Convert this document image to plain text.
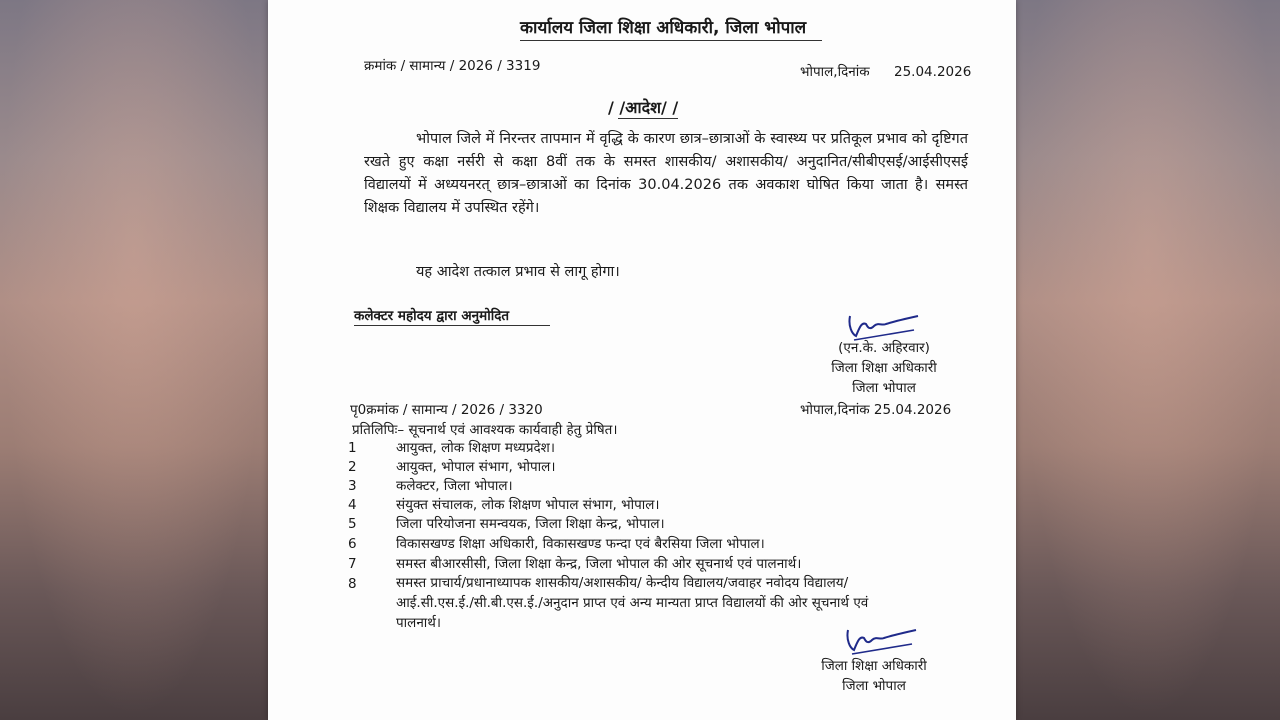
कार्यालय जिला शिक्षा अधिकारी, जिला भोपाल
क्रमांक / सामान्य / 2026 / 3319	भोपाल,दिनांक 25.04.2026
/ /आदेश/ /
भोपाल जिले में निरन्तर तापमान में वृद्धि के कारण छात्र–छात्राओं के स्वास्थ्य पर प्रतिकूल प्रभाव को दृष्टिगत रखते हुए कक्षा नर्सरी से कक्षा 8वीं तक के समस्त शासकीय/ अशासकीय/ अनुदानित/सीबीएसई/आईसीएसई विद्यालयों में अध्ययनरत् छात्र–छात्राओं का दिनांक 30.04.2026 तक अवकाश घोषित किया जाता है। समस्त शिक्षक विद्यालय में उपस्थित रहेंगे।
यह आदेश तत्काल प्रभाव से लागू होगा।
कलेक्टर महोदय द्वारा अनुमोदित
(एन.के. अहिरवार)
जिला शिक्षा अधिकारी
जिला भोपाल
पृ0क्रमांक / सामान्य / 2026 / 3320	भोपाल,दिनांक 25.04.2026
प्रतिलिपिः– सूचनार्थ एवं आवश्यक कार्यवाही हेतु प्रेषित।
1	आयुक्त, लोक शिक्षण मध्यप्रदेश।
2	आयुक्त, भोपाल संभाग, भोपाल।
3	कलेक्टर, जिला भोपाल।
4	संयुक्त संचालक, लोक शिक्षण भोपाल संभाग, भोपाल।
5	जिला परियोजना समन्वयक, जिला शिक्षा केन्द्र, भोपाल।
6	विकासखण्ड शिक्षा अधिकारी, विकासखण्ड फन्दा एवं बैरसिया जिला भोपाल।
7	समस्त बीआरसीसी, जिला शिक्षा केन्द्र, जिला भोपाल की ओर सूचनार्थ एवं पालनार्थ।
8	समस्त प्राचार्य/प्रधानाध्यापक शासकीय/अशासकीय/ केन्दीय विद्यालय/जवाहर नवोदय विद्यालय/आई.सी.एस.ई./सी.बी.एस.ई./अनुदान प्राप्त एवं अन्य मान्यता प्राप्त विद्यालयों की ओर सूचनार्थ एवं पालनार्थ।
जिला शिक्षा अधिकारी
जिला भोपाल
